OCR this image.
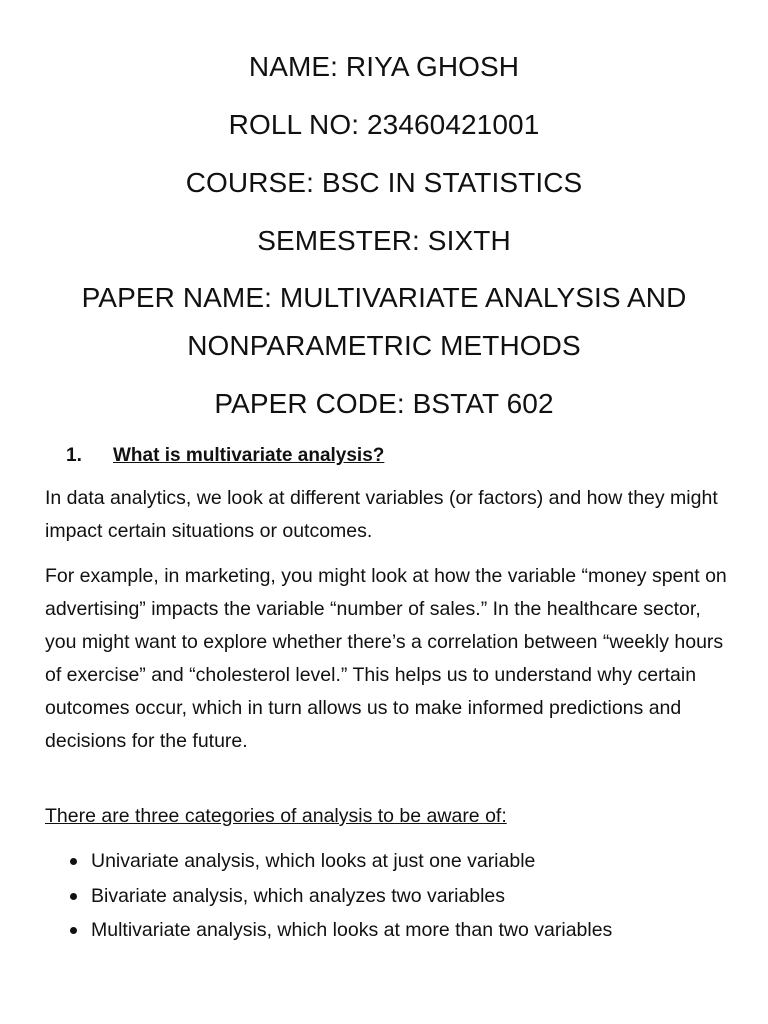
NAME: RIYA GHOSH
ROLL NO: 23460421001
COURSE: BSC IN STATISTICS
SEMESTER: SIXTH
PAPER NAME: MULTIVARIATE ANALYSIS AND
NONPARAMETRIC METHODS
PAPER CODE: BSTAT 602
1. What is multivariate analysis?
In data analytics, we look at different variables (or factors) and how they might impact certain situations or outcomes.
For example, in marketing, you might look at how the variable “money spent on advertising” impacts the variable “number of sales.” In the healthcare sector, you might want to explore whether there’s a correlation between “weekly hours of exercise” and “cholesterol level.” This helps us to understand why certain outcomes occur, which in turn allows us to make informed predictions and decisions for the future.
There are three categories of analysis to be aware of:
Univariate analysis, which looks at just one variable
Bivariate analysis, which analyzes two variables
Multivariate analysis, which looks at more than two variables
